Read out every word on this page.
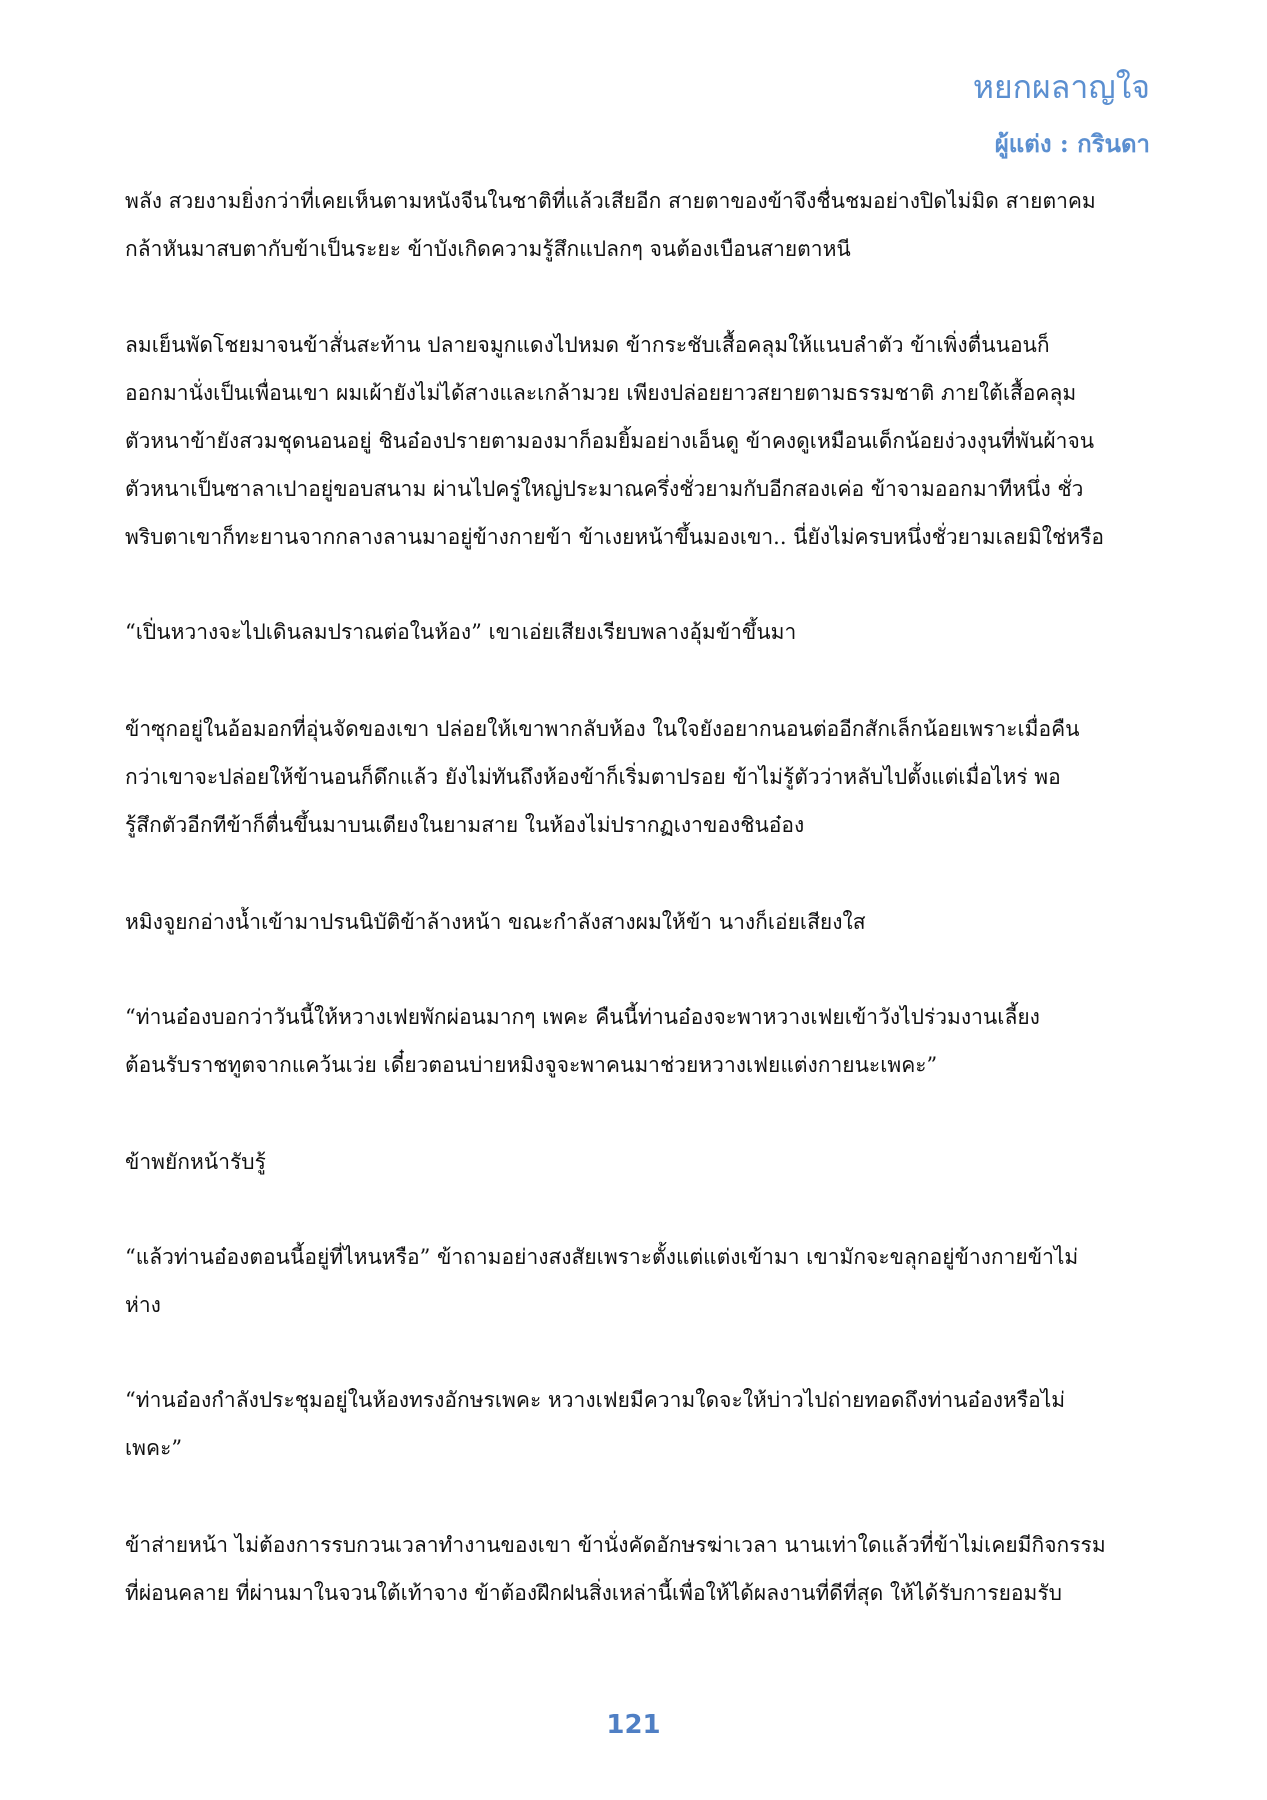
หยกผลาญใจ
ผู้แต่ง : กรินดา
พลัง สวยงามยิ่งกว่าที่เคยเห็นตามหนังจีนในชาติที่แล้วเสียอีก สายตาของข้าจึงชื่นชมอย่างปิดไม่มิด สายตาคม
กล้าหันมาสบตากับข้าเป็นระยะ ข้าบังเกิดความรู้สึกแปลกๆ จนต้องเบือนสายตาหนี
ลมเย็นพัดโชยมาจนข้าสั่นสะท้าน ปลายจมูกแดงไปหมด ข้ากระชับเสื้อคลุมให้แนบลำตัว ข้าเพิ่งตื่นนอนก็
ออกมานั่งเป็นเพื่อนเขา ผมเผ้ายังไม่ได้สางและเกล้ามวย เพียงปล่อยยาวสยายตามธรรมชาติ ภายใต้เสื้อคลุม
ตัวหนาข้ายังสวมชุดนอนอยู่ ชินอ๋องปรายตามองมาก็อมยิ้มอย่างเอ็นดู ข้าคงดูเหมือนเด็กน้อยง่วงงุนที่พันผ้าจน
ตัวหนาเป็นซาลาเปาอยู่ขอบสนาม ผ่านไปครู่ใหญ่ประมาณครึ่งชั่วยามกับอีกสองเค่อ ข้าจามออกมาทีหนึ่ง ชั่ว
พริบตาเขาก็ทะยานจากกลางลานมาอยู่ข้างกายข้า ข้าเงยหน้าขึ้นมองเขา.. นี่ยังไม่ครบหนึ่งชั่วยามเลยมิใช่หรือ
“เปิ่นหวางจะไปเดินลมปราณต่อในห้อง” เขาเอ่ยเสียงเรียบพลางอุ้มข้าขึ้นมา
ข้าซุกอยู่ในอ้อมอกที่อุ่นจัดของเขา ปล่อยให้เขาพากลับห้อง ในใจยังอยากนอนต่ออีกสักเล็กน้อยเพราะเมื่อคืน
กว่าเขาจะปล่อยให้ข้านอนก็ดึกแล้ว ยังไม่ทันถึงห้องข้าก็เริ่มตาปรอย ข้าไม่รู้ตัวว่าหลับไปตั้งแต่เมื่อไหร่ พอ
รู้สึกตัวอีกทีข้าก็ตื่นขึ้นมาบนเตียงในยามสาย ในห้องไม่ปรากฏเงาของชินอ๋อง
หมิงจูยกอ่างน้ำเข้ามาปรนนิบัติข้าล้างหน้า ขณะกำลังสางผมให้ข้า นางก็เอ่ยเสียงใส
“ท่านอ๋องบอกว่าวันนี้ให้หวางเฟยพักผ่อนมากๆ เพคะ คืนนี้ท่านอ๋องจะพาหวางเฟยเข้าวังไปร่วมงานเลี้ยง
ต้อนรับราชทูตจากแคว้นเว่ย เดี๋ยวตอนบ่ายหมิงจูจะพาคนมาช่วยหวางเฟยแต่งกายนะเพคะ”
ข้าพยักหน้ารับรู้
“แล้วท่านอ๋องตอนนี้อยู่ที่ไหนหรือ” ข้าถามอย่างสงสัยเพราะตั้งแต่แต่งเข้ามา เขามักจะขลุกอยู่ข้างกายข้าไม่
ห่าง
“ท่านอ๋องกำลังประชุมอยู่ในห้องทรงอักษรเพคะ หวางเฟยมีความใดจะให้บ่าวไปถ่ายทอดถึงท่านอ๋องหรือไม่
เพคะ”
ข้าส่ายหน้า ไม่ต้องการรบกวนเวลาทำงานของเขา ข้านั่งคัดอักษรฆ่าเวลา นานเท่าใดแล้วที่ข้าไม่เคยมีกิจกรรม
ที่ผ่อนคลาย ที่ผ่านมาในจวนใต้เท้าจาง ข้าต้องฝึกฝนสิ่งเหล่านี้เพื่อให้ได้ผลงานที่ดีที่สุด ให้ได้รับการยอมรับ
121
